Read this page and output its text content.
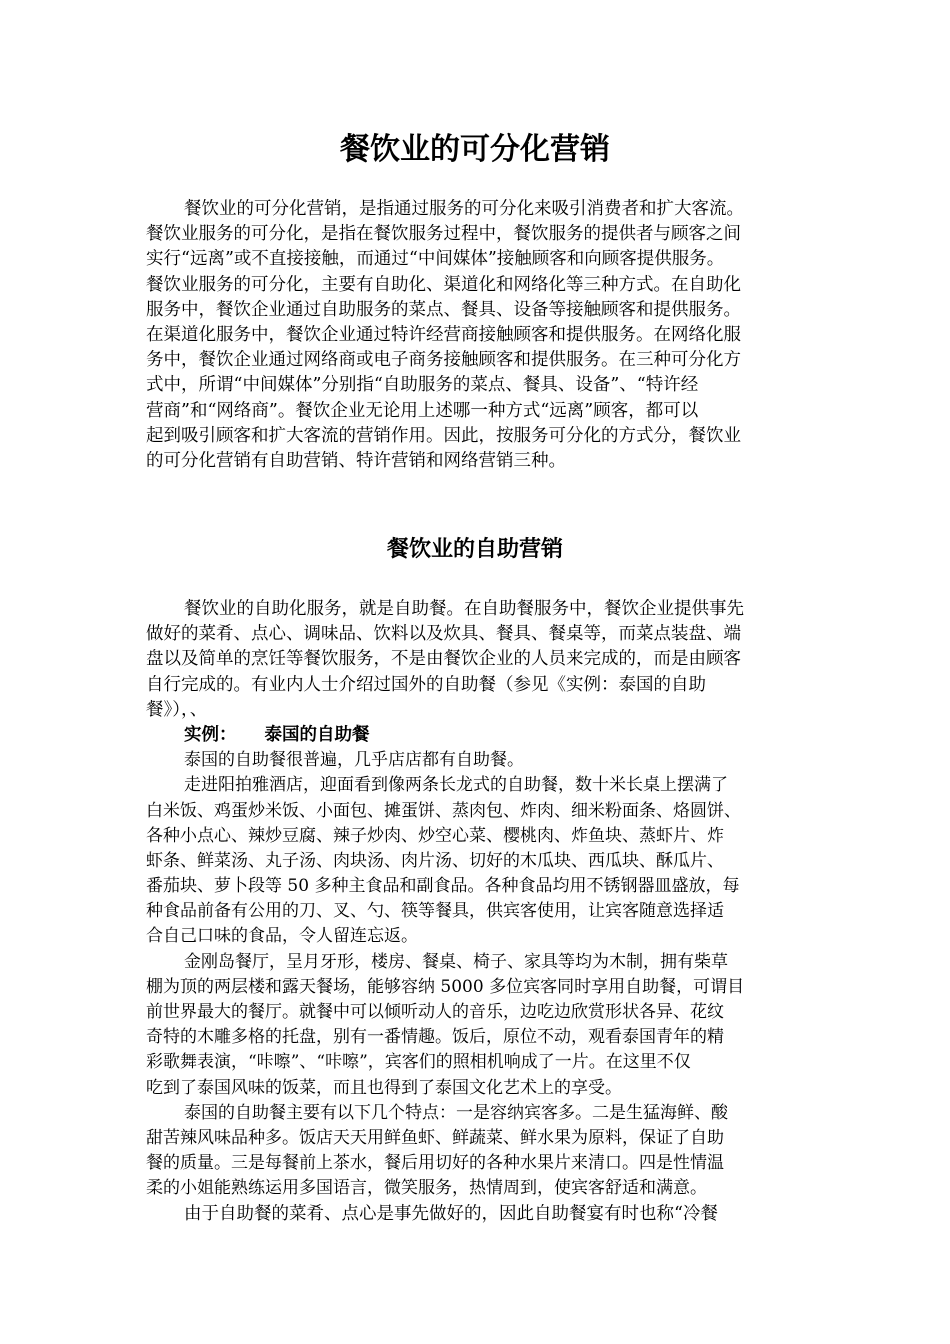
餐饮业的可分化营销
餐饮业的可分化营销，是指通过服务的可分化来吸引消费者和扩大客流。
餐饮业服务的可分化，是指在餐饮服务过程中，餐饮服务的提供者与顾客之间
实行“远离”或不直接接触，而通过“中间媒体”接触顾客和向顾客提供服务。
餐饮业服务的可分化，主要有自助化、渠道化和网络化等三种方式。在自助化
服务中，餐饮企业通过自助服务的菜点、餐具、设备等接触顾客和提供服务。
在渠道化服务中，餐饮企业通过特许经营商接触顾客和提供服务。在网络化服
务中，餐饮企业通过网络商或电子商务接触顾客和提供服务。在三种可分化方
式中，所谓“中间媒体”分别指“自助服务的菜点、餐具、设备”、“特许经
营商”和“网络商”。餐饮企业无论用上述哪一种方式“远离”顾客，都可以
起到吸引顾客和扩大客流的营销作用。因此，按服务可分化的方式分，餐饮业
的可分化营销有自助营销、特许营销和网络营销三种。
餐饮业的自助营销
餐饮业的自助化服务，就是自助餐。在自助餐服务中，餐饮企业提供事先
做好的菜肴、点心、调味品、饮料以及炊具、餐具、餐桌等，而菜点装盘、端
盘以及简单的烹饪等餐饮服务，不是由餐饮企业的人员来完成的，而是由顾客
自行完成的。有业内人士介绍过国外的自助餐（参见《实例：泰国的自助
餐》），、
实例： 泰国的自助餐
泰国的自助餐很普遍，几乎店店都有自助餐。
走进阳拍雅酒店，迎面看到像两条长龙式的自助餐，数十米长桌上摆满了
白米饭、鸡蛋炒米饭、小面包、摊蛋饼、蒸肉包、炸肉、细米粉面条、烙圆饼、
各种小点心、辣炒豆腐、辣子炒肉、炒空心菜、樱桃肉、炸鱼块、蒸虾片、炸
虾条、鲜菜汤、丸子汤、肉块汤、肉片汤、切好的木瓜块、西瓜块、酥瓜片、
番茄块、萝卜段等 50 多种主食品和副食品。各种食品均用不锈钢器皿盛放，每
种食品前备有公用的刀、叉、勺、筷等餐具，供宾客使用，让宾客随意选择适
合自己口味的食品，令人留连忘返。
金刚岛餐厅，呈月牙形，楼房、餐桌、椅子、家具等均为木制，拥有柴草
棚为顶的两层楼和露天餐场，能够容纳 5000 多位宾客同时享用自助餐，可谓目
前世界最大的餐厅。就餐中可以倾听动人的音乐，边吃边欣赏形状各异、花纹
奇特的木雕多格的托盘，别有一番情趣。饭后，原位不动，观看泰国青年的精
彩歌舞表演，“咔嚓”、“咔嚓”，宾客们的照相机响成了一片。在这里不仅
吃到了泰国风味的饭菜，而且也得到了泰国文化艺术上的享受。
泰国的自助餐主要有以下几个特点：一是容纳宾客多。二是生猛海鲜、酸
甜苦辣风味品种多。饭店天天用鲜鱼虾、鲜蔬菜、鲜水果为原料，保证了自助
餐的质量。三是每餐前上茶水，餐后用切好的各种水果片来清口。四是性情温
柔的小姐能熟练运用多国语言，微笑服务，热情周到，使宾客舒适和满意。
由于自助餐的菜肴、点心是事先做好的，因此自助餐宴有时也称“冷餐
